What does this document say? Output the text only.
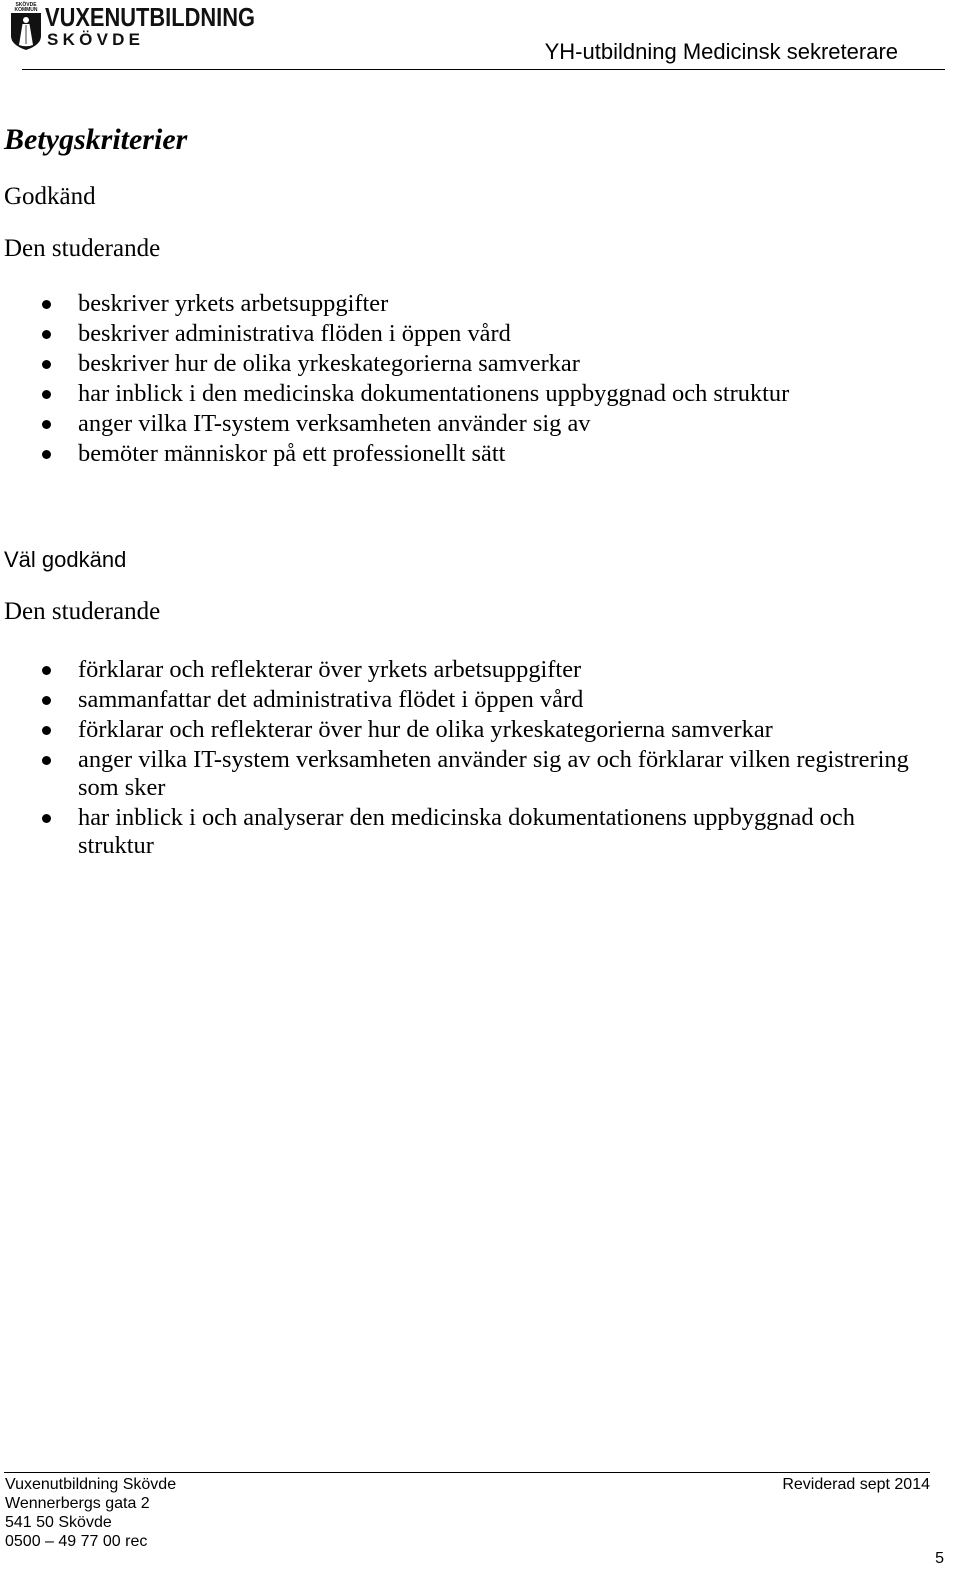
SKÖVDE
KOMMUN VUXENUTBILDNING
SKÖVDE	YH-utbildning Medicinsk sekreterare
Betygskriterier
Godkänd
Den studerande
beskriver yrkets arbetsuppgifter
beskriver administrativa flöden i öppen vård
beskriver hur de olika yrkeskategorierna samverkar
har inblick i den medicinska dokumentationens uppbyggnad och struktur
anger vilka IT-system verksamheten använder sig av
bemöter människor på ett professionellt sätt
Väl godkänd
Den studerande
förklarar och reflekterar över yrkets arbetsuppgifter
sammanfattar det administrativa flödet i öppen vård
förklarar och reflekterar över hur de olika yrkeskategorierna samverkar
anger vilka IT-system verksamheten använder sig av och förklarar vilken registrering som sker
har inblick i och analyserar den medicinska dokumentationens uppbyggnad och struktur
Vuxenutbildning Skövde
Wennerbergs gata 2
541 50 Skövde
0500 – 49 77 00 rec
Reviderad sept 2014
5
